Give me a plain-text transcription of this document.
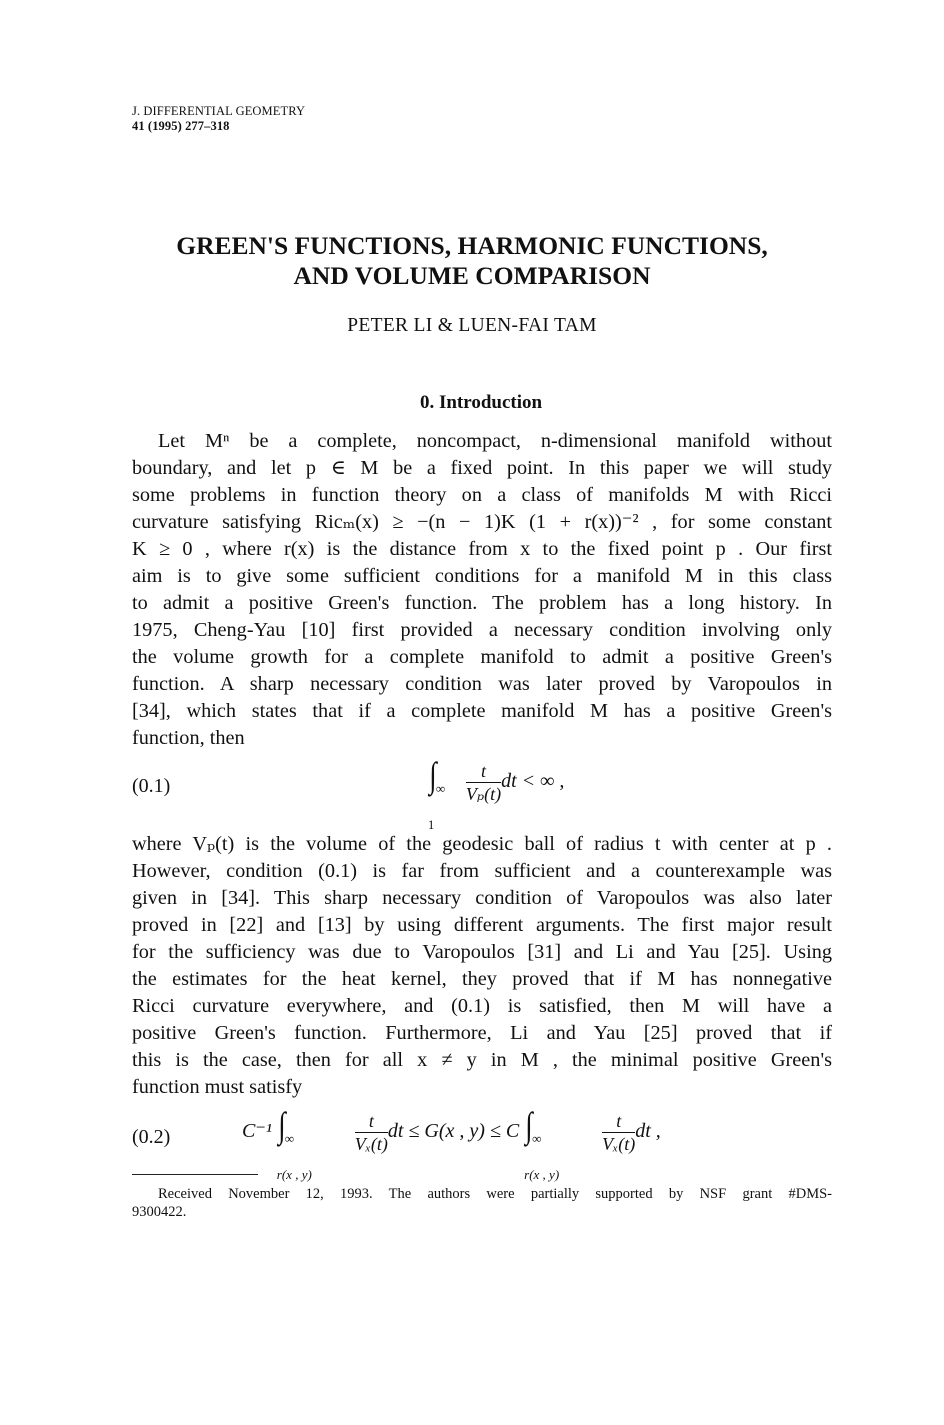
J. DIFFERENTIAL GEOMETRY
41 (1995) 277–318
GREEN'S FUNCTIONS, HARMONIC FUNCTIONS,
AND VOLUME COMPARISON
PETER LI & LUEN-FAI TAM
0. Introduction
Let Mⁿ be a complete, noncompact, n-dimensional manifold without
boundary, and let p ∈ M be a fixed point. In this paper we will study
some problems in function theory on a class of manifolds M with Ricci
curvature satisfying Ricₘ(x) ≥ −(n − 1)K (1 + r(x))⁻² , for some constant
K ≥ 0 , where r(x) is the distance from x to the fixed point p . Our first
aim is to give some sufficient conditions for a manifold M in this class
to admit a positive Green's function. The problem has a long history. In
1975, Cheng-Yau [10] first provided a necessary condition involving only
the volume growth for a complete manifold to admit a positive Green's
function. A sharp necessary condition was later proved by Varopoulos in
[34], which states that if a complete manifold M has a positive Green's
function, then
(0.1)	∫ ∞
1

$\frac{t}{\text{Vₚ(t)}}$ dt < ∞ ,
where Vₚ(t) is the volume of the geodesic ball of radius t with center at p .
However, condition (0.1) is far from sufficient and a counterexample was
given in [34]. This sharp necessary condition of Varopoulos was also later
proved in [22] and [13] by using different arguments. The first major result
for the sufficiency was due to Varopoulos [31] and Li and Yau [25]. Using
the estimates for the heat kernel, they proved that if M has nonnegative
Ricci curvature everywhere, and (0.1) is satisfied, then M will have a
positive Green's function. Furthermore, Li and Yau [25] proved that if
this is the case, then for all x ≠ y in M , the minimal positive Green's
function must satisfy
(0.2)	C⁻¹ ∫ ∞
r(x , y)

$\frac{t}{\text{Vₓ(t)}}$ dt ≤ G(x , y) ≤ C ∫ ∞
r(x , y)

$\frac{t}{\text{Vₓ(t)}}$ dt ,
Received November 12, 1993. The authors were partially supported by NSF grant #DMS-
9300422.
